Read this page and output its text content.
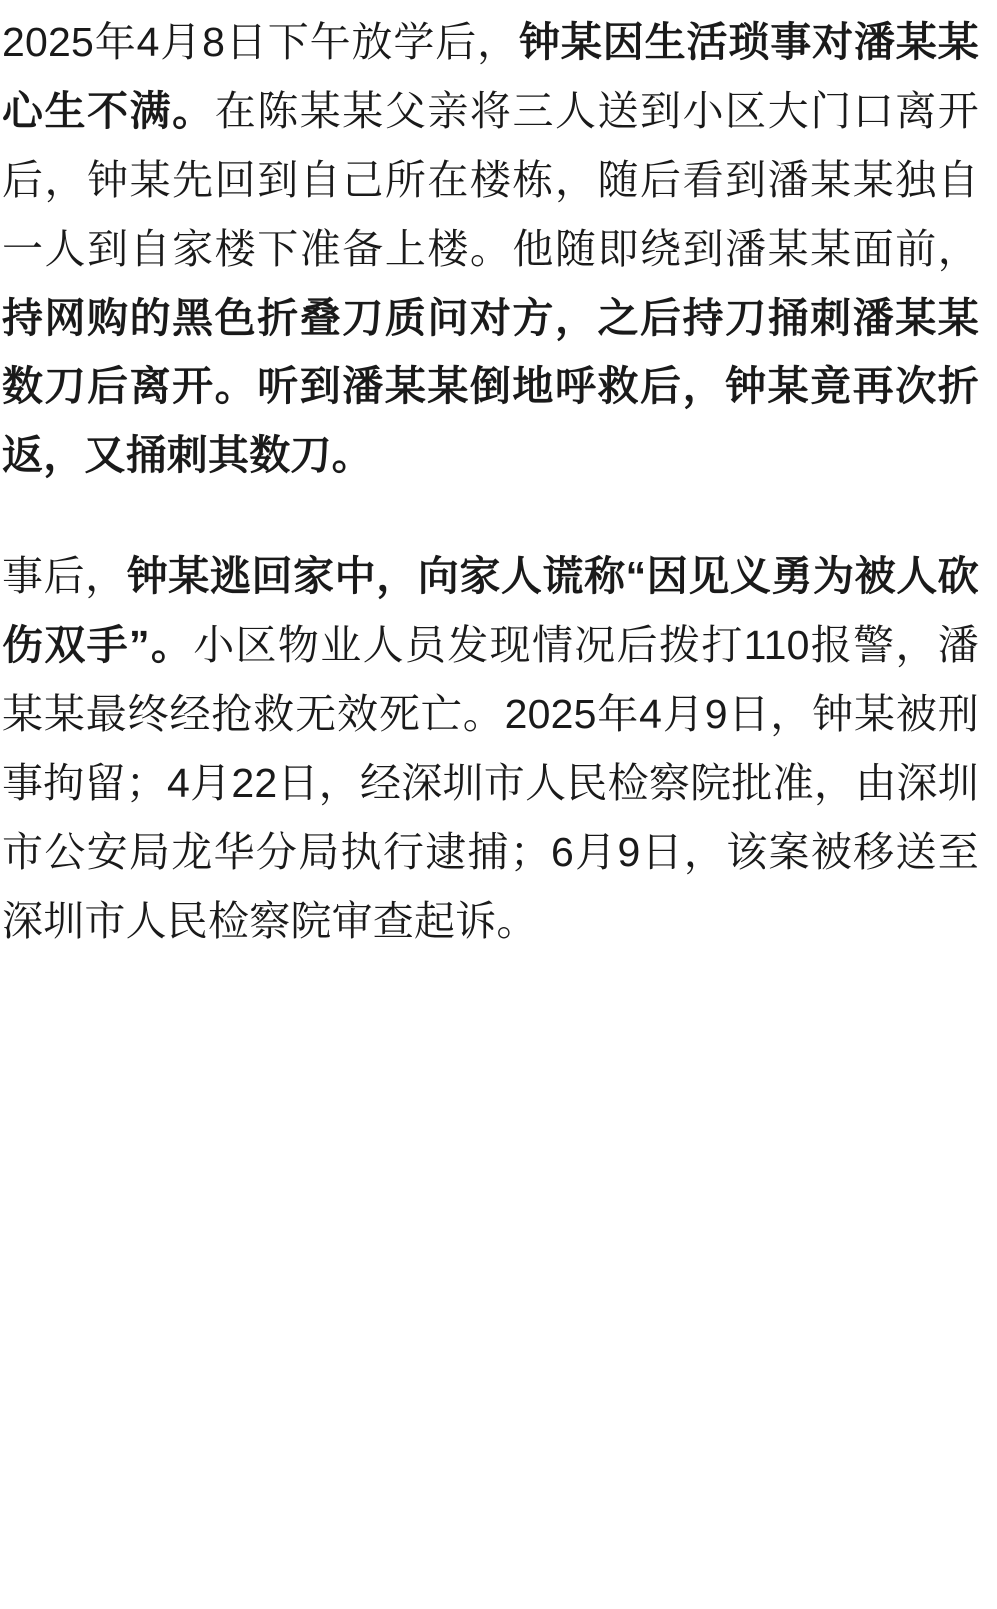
2025年4月8日下午放学后，钟某因生活琐事对潘某某心生不满。在陈某某父亲将三人送到小区大门口离开后，钟某先回到自己所在楼栋，随后看到潘某某独自一人到自家楼下准备上楼。他随即绕到潘某某面前，持网购的黑色折叠刀质问对方，之后持刀捅刺潘某某数刀后离开。听到潘某某倒地呼救后，钟某竟再次折返，又捅刺其数刀。

事后，钟某逃回家中，向家人谎称“因见义勇为被人砍伤双手”。小区物业人员发现情况后拨打110报警，潘某某最终经抢救无效死亡。2025年4月9日，钟某被刑事拘留；4月22日，经深圳市人民检察院批准，由深圳市公安局龙华分局执行逮捕；6月9日，该案被移送至深圳市人民检察院审查起诉。
